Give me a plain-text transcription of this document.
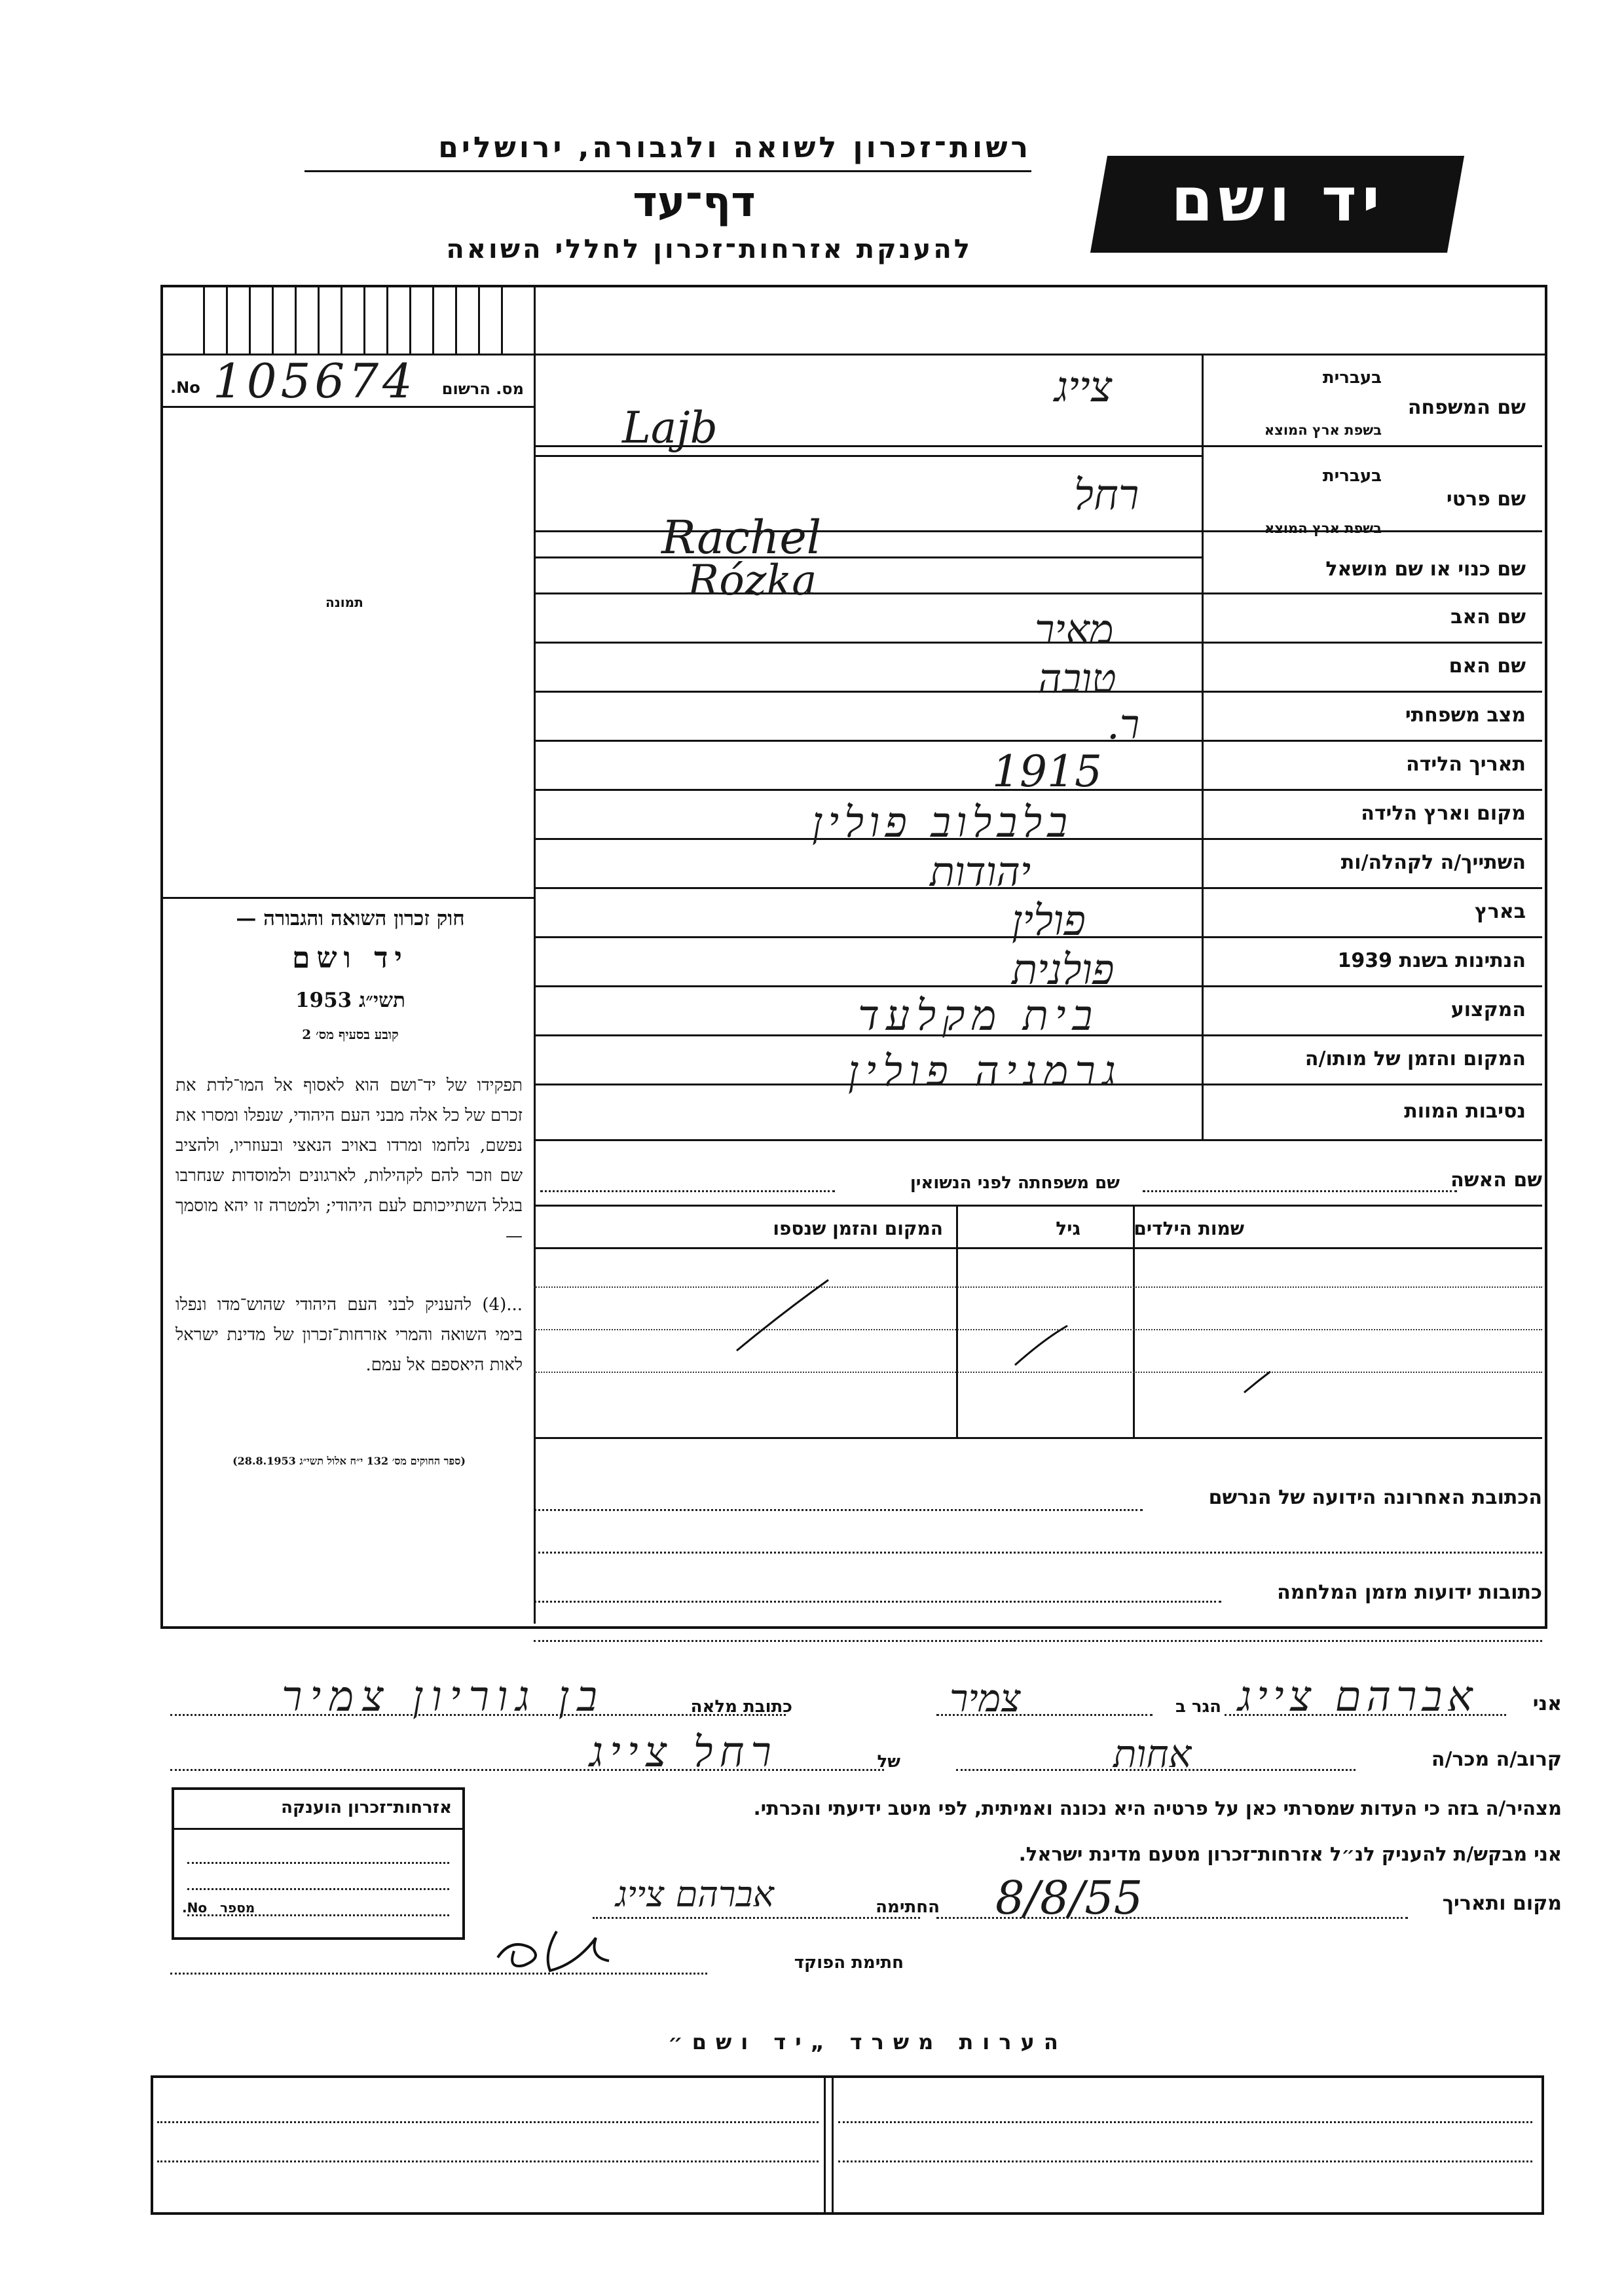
רשות־זכרון לשואה ולגבורה, ירושלים
דף־עד
להענקת אזרחות־זכרון לחללי השואה
יד ושם
No. 105674 מס. הרשום
תמונה
שם המשפחה
בעברית
בשפת ארץ המוצא
שם פרטי
בעברית
בשפת ארץ המוצא
שם כנוי או שם מושאל
שם האב
שם האם
מצב משפחתי
תאריך הלידה
מקום וארץ הלידה
השתייך/ה לקהלה/ות
בארץ
הנתינות בשנת 1939
המקצוע
המקום והזמן של מותו/ה
נסיבות המוות
צייג
Lajb
רחל
Rachel
Rózka
מאיר
טובה
ר.
1915
בלבלוב פולין
יהודות
פולין
פולנית
בית מקלעד
גרמניה פולין
שם האשה
שם משפחתה לפני הנשואין
שמות הילדים
גיל
המקום והזמן שנספו
הכתובת האחרונה הידועה של הנרשם
כתובות ידועות מזמן המלחמה
חוק זכרון השואה והגבורה —
יד ושם
תשי״ג 1953
קובע בסעיף מס׳ 2
תפקידו של יד־ושם הוא לאסוף אל המו־לדת את זכרם של כל אלה מבני העם היהודי, שנפלו ומסרו את נפשם, נלחמו ומרדו באויב הנאצי ובעוזריו, ולהציב שם וזכר להם לקהילות, לארגונים ולמוסדות שנחרבו בגלל השתייכותם לעם היהודי; ולמטרה זו יהא מוסמך —
...(4) להעניק לבני העם היהודי שהוש־מדו ונפלו בימי השואה והמרי אזרחות־זכרון של מדינת ישראל לאות היאספם אל עמם.
(ספר החוקים מס׳ 132 י״ח אלול תשי״ג 28.8.1953)
אני
אברהם צייג
הגר ב
צמיר
כתובת מלאה
בן גוריון צמיר
קרוב/ה מכר/ה
אחות
של
רחל צייג
מצהיר/ה בזה כי העדות שמסרתי כאן על פרטיה היא נכונה ואמיתית, לפי מיטב ידיעתי והכרתי.
אני מבקש/ת להעניק לנ״ל אזרחות־זכרון מטעם מדינת ישראל.
מקום ותאריך
8/8/55
החתימה
אברהם צייג
חתימת הפוקד
אזרחות־זכרון הוענקה
No. מספר
הערות משרד „יד ושם״
